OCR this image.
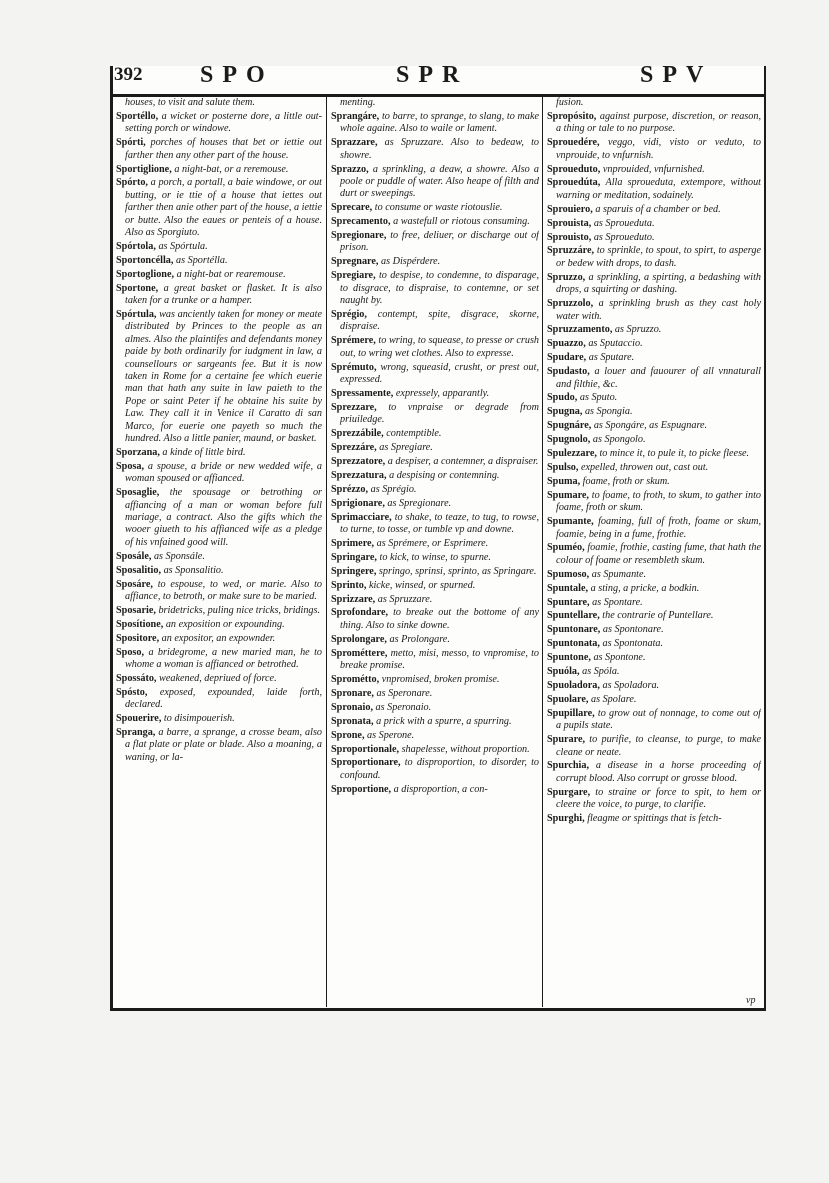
392 SPO	SPR	SPV

houses, to visit and salute them.

Sportéllo, a wicket or posterne dore, a little out-setting porch or windowe.

Spórti, porches of houses that bet or iettie out farther then any other part of the house.

Sportiglione, a night-bat, or a reremouse.

Spórto, a porch, a portall, a baie windowe, or out butting, or ie ttie of a house that iettes out farther then anie other part of the house, a iettie or butte. Also the eaues or penteis of a house. Also as Sporgiuto.

Spórtola, as Spórtula.

Sportoncélla, as Sportélla.

Sportoglione, a night-bat or rearemouse.

Sportone, a great basket or flasket. It is also taken for a trunke or a hamper.

Spórtula, was anciently taken for money or meate distributed by Princes to the people as an almes. Also the plaintifes and defendants money paide by both ordinarily for iudgment in law, a counsellours or sargeants fee. But it is now taken in Rome for a certaine fee which euerie man that hath any suite in law paieth to the Pope or saint Peter if he obtaine his suite by Law. They call it in Venice il Caratto di san Marco, for euerie one payeth so much the hundred. Also a little panier, maund, or basket.

Sporzana, a kinde of little bird.

Sposa, a spouse, a bride or new wedded wife, a woman spoused or affianced.

Sposaglie, the spousage or betrothing or affiancing of a man or woman before full mariage, a contract. Also the gifts which the wooer giueth to his affianced wife as a pledge of his vnfained good will.

Sposále, as Sponsále.

Sposalitio, as Sponsalitio.

Sposáre, to espouse, to wed, or marie. Also to affiance, to betroth, or make sure to be maried.

Sposarie, bridetricks, puling nice tricks, bridings.

Sposítione, an exposition or expounding.

Spositore, an expositor, an expownder.

Sposo, a bridegrome, a new maried man, he to whome a woman is affianced or betrothed.

Spossáto, weakened, depriued of force.

Spósto, exposed, expounded, laide forth, declared.

Spouerire, to disimpouerish.

Spranga, a barre, a sprange, a crosse beam, also a flat plate or plate or blade. Also a moaning, a waning, or la-

menting.

Sprangáre, to barre, to sprange, to slang, to make whole againe. Also to waile or lament.

Sprazzare, as Spruzzare. Also to bedeaw, to showre.

Sprazzo, a sprinkling, a deaw, a showre. Also a poole or puddle of water. Also heape of filth and durt or sweepings.

Sprecare, to consume or waste riotousliе.

Sprecamento, a wastefull or riotous consuming.

Spregionare, to free, deliuer, or discharge out of prison.

Spregnare, as Dispérdere.

Spregiare, to despise, to condemne, to disparage, to disgrace, to dispraise, to contemne, or set naught by.

Sprégio, contempt, spite, disgrace, skorne, dispraise.

Sprémere, to wring, to squease, to presse or crush out, to wring wet clothes. Also to expresse.

Sprémuto, wrong, squeasid, crusht, or prest out, expressed.

Spressamente, expressely, apparantly.

Sprezzare, to vnpraise or degrade from priuiledge.

Sprezzábile, contemptible.

Sprezzáre, as Spregiare.

Sprezzatore, a despiser, a contemner, a dispraiser.

Sprezzatura, a despising or contemning.

Sprézzo, as Sprégio.

Sprigionare, as Spregionare.

Sprimacciare, to shake, to teaze, to tug, to rowse, to turne, to tosse, or tumble vp and downe.

Sprimere, as Sprémere, or Esprimere.

Springare, to kick, to winse, to spurne.

Springere, springo, sprinsi, sprinto, as Springare.

Sprinto, kicke, winsed, or spurned.

Sprizzare, as Spruzzare.

Sprofondare, to breake out the bottome of any thing. Also to sinke downe.

Sprolongare, as Prolongare.

Sprométtere, metto, misi, messo, to vnpromise, to breake promise.

Sprométto, vnpromised, broken promise.

Spronare, as Speronare.

Spronaio, as Speronaio.

Spronata, a prick with a spurre, a spurring.

Sprone, as Sperone.

Sproportionale, shapelesse, without proportion.

Sproportionare, to disproportion, to disorder, to confound.

Sproportione, a disproportion, a con-

fusion.

Spropósito, against purpose, discretion, or reason, a thing or tale to no purpose.

Sprouedére, veggo, vidi, visto or veduto, to vnprouide, to vnfurnish.

Sproueduto, vnprouided, vnfurnished.

Sprouedúta, Alla sproueduta, extempore, without warning or meditation, sodainely.

Sprouiero, a sparuis of a chamber or bed.

Sprouista, as Sproueduta.

Sprouisto, as Sproueduto.

Spruzzáre, to sprinkle, to spout, to spirt, to asperge or bedew with drops, to dash.

Spruzzo, a sprinkling, a spirting, a bedashing with drops, a squirting or dashing.

Spruzzolo, a sprinkling brush as they cast holy water with.

Spruzzamento, as Spruzzo.

Spuazzo, as Sputaccio.

Spudare, as Sputare.

Spudasto, a louer and fauourer of all vnnaturall and filthie, &c.

Spudo, as Sputo.

Spugna, as Spongia.

Spugnáre, as Spongáre, as Espugnare.

Spugnolo, as Spongolo.

Spulezzare, to mince it, to pule it, to picke fleese.

Spulso, expelled, throwen out, cast out.

Spuma, foame, froth or skum.

Spumare, to foame, to froth, to skum, to gather into foame, froth or skum.

Spumante, foaming, full of froth, foame or skum, foamie, being in a fume, frothie.

Spuméo, foamie, frothie, casting fume, that hath the colour of foame or resembleth skum.

Spumoso, as Spumante.

Spuntale, a sting, a pricke, a bodkin.

Spuntare, as Spontare.

Spuntellare, the contrarie of Puntellare.

Spuntonare, as Spontonare.

Spuntonata, as Spontonata.

Spuntone, as Spontone.

Spuóla, as Spóla.

Spuoladora, as Spoladora.

Spuolare, as Spolare.

Spupillare, to grow out of nonnage, to come out of a pupils state.

Spurare, to purifie, to cleanse, to purge, to make cleane or neate.

Spurchia, a disease in a horse proceeding of corrupt blood. Also corrupt or grosse blood.

Spurgare, to straine or force to spit, to hem or cleere the voice, to purge, to clarifie.

Spurghi, fleagme or spittings that is fetch-

vp
